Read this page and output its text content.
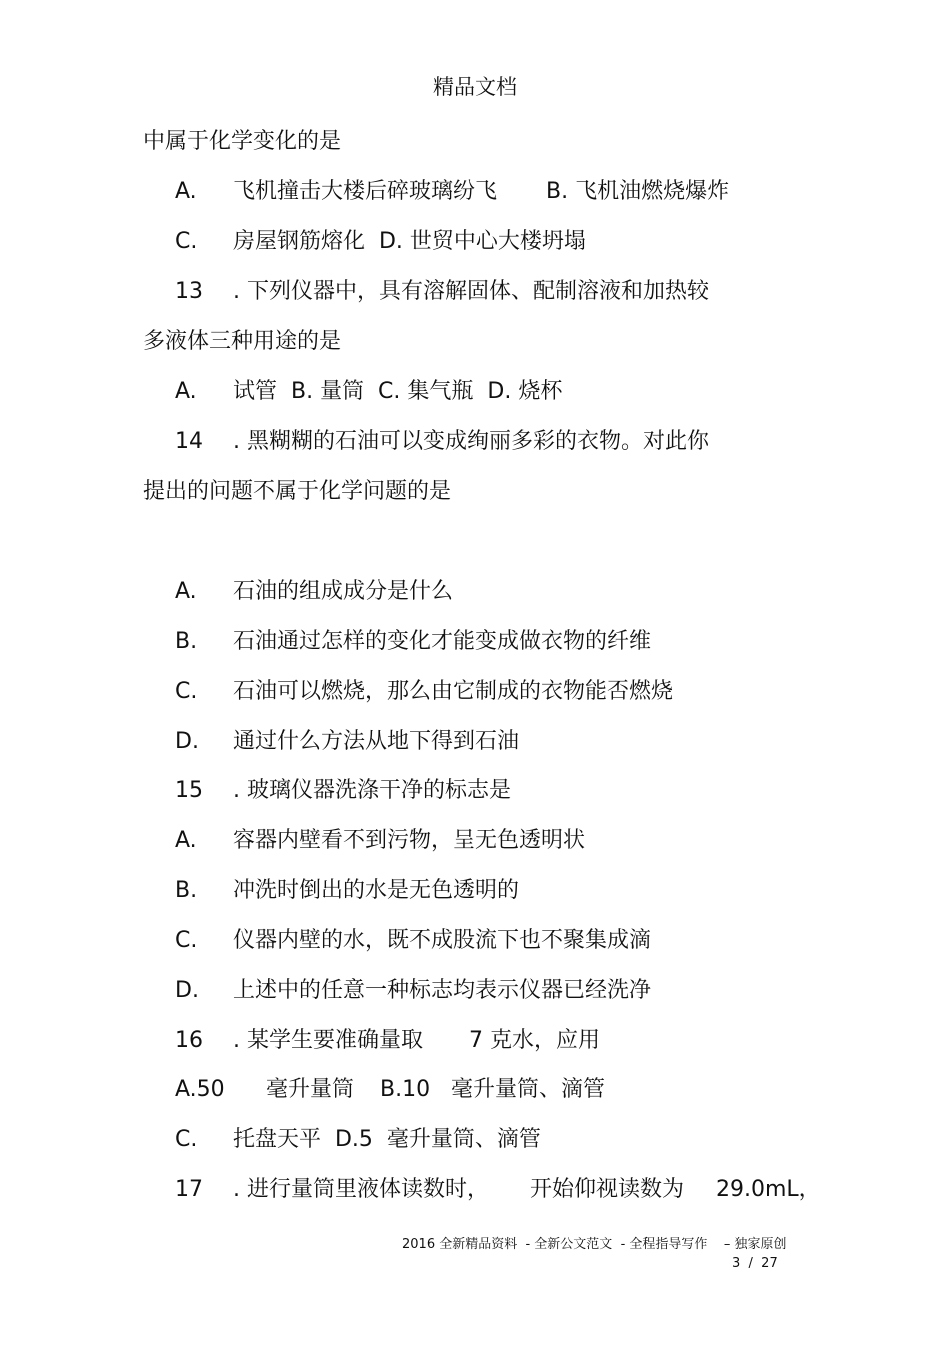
精品文档
中属于化学变化的是
A. 飞机撞击大楼后碎玻璃纷飞 B. 飞机油燃烧爆炸
C. 房屋钢筋熔化  D. 世贸中心大楼坍塌
13 . 下列仪器中，具有溶解固体、配制溶液和加热较
多液体三种用途的是
A. 试管  B. 量筒  C. 集气瓶  D. 烧杯
14 . 黑糊糊的石油可以变成绚丽多彩的衣物。对此你
提出的问题不属于化学问题的是
A. 石油的组成成分是什么
B. 石油通过怎样的变化才能变成做衣物的纤维
C. 石油可以燃烧，那么由它制成的衣物能否燃烧
D. 通过什么方法从地下得到石油
15 . 玻璃仪器洗涤干净的标志是
A. 容器内壁看不到污物，呈无色透明状
B. 冲洗时倒出的水是无色透明的
C. 仪器内壁的水，既不成股流下也不聚集成滴
D. 上述中的任意一种标志均表示仪器已经洗净
16 . 某学生要准确量取 7 克水，应用
A.50 毫升量筒 B.10 毫升量筒、滴管
C. 托盘天平  D.5  毫升量筒、滴管
17 . 进行量筒里液体读数时， 开始仰视读数为 29.0mL，
2016 全新精品资料  - 全新公文范文  - 全程指导写作    – 独家原创
3  /  27
